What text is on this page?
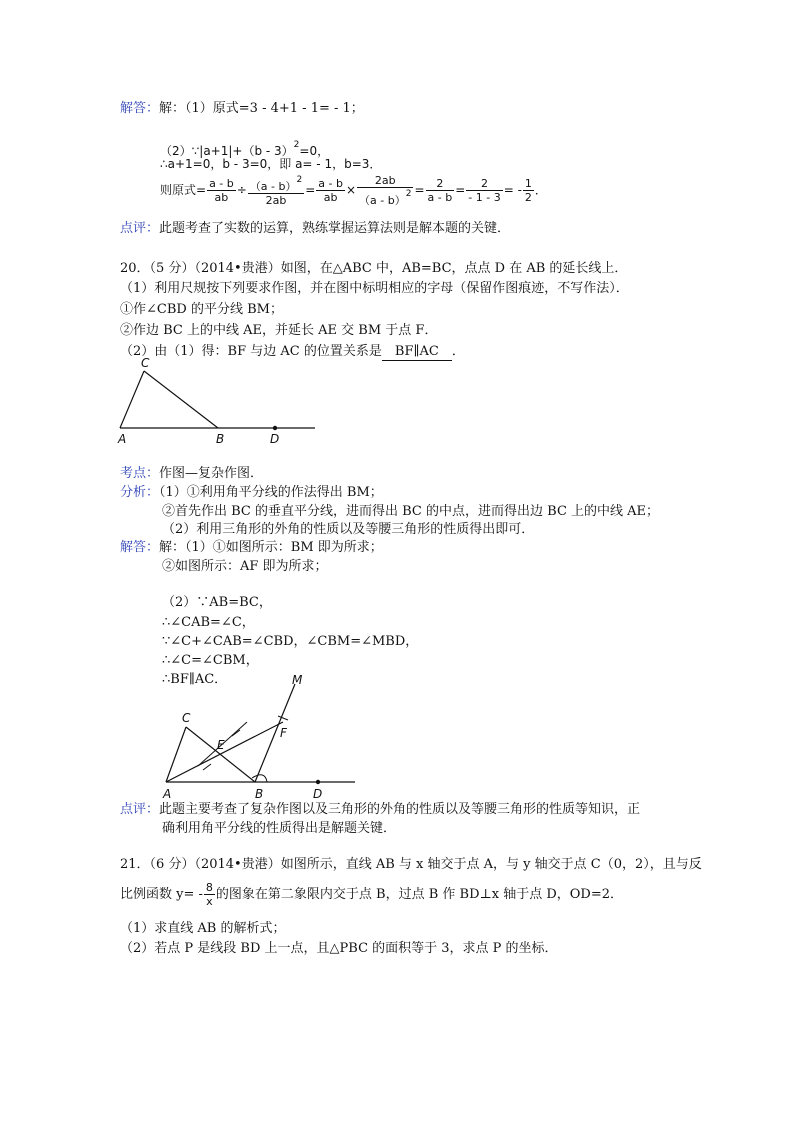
解答：解：（1）原式=3 - 4+1 - 1= - 1；
（2）∵|a+1|+（b - 3）$^2$=0，
∴a+1=0，b - 3=0，即 a= - 1，b=3．
则原式= $\frac{a - b}{ab} \div \frac{(a - b)^2}{2ab} = \frac{a - b}{ab} \times \frac{2ab}{(a - b)^2} = \frac{2}{a - b} = \frac{2}{- 1 - 3}$ = - $\frac{1}{2}$ ．
点评：此题考查了实数的运算，熟练掌握运算法则是解本题的关键．
20．（5 分）（2014•贵港）如图，在△ABC 中，AB=BC，点点 D 在 AB 的延长线上．
（1）利用尺规按下列要求作图，并在图中标明相应的字母（保留作图痕迹，不写作法）．
①作∠CBD 的平分线 BM；
②作边 BC 上的中线 AE，并延长 AE 交 BM 于点 F．
（2）由（1）得：BF 与边 AC 的位置关系是 BF∥AC ．
C
A	B	D
考点：作图—复杂作图．
分析：（1）①利用角平分线的作法得出 BM；
②首先作出 BC 的垂直平分线，进而得出 BC 的中点，进而得出边 BC 上的中线 AE；
（2）利用三角形的外角的性质以及等腰三角形的性质得出即可．
解答：解：（1）①如图所示：BM 即为所求；
②如图所示：AF 即为所求；
（2）∵AB=BC，
∴∠CAB=∠C，
∵∠C+∠CAB=∠CBD，∠CBM=∠MBD，
∴∠C=∠CBM，
∴BF∥AC．	M
C
E
F
A	B	D
点评：此题主要考查了复杂作图以及三角形的外角的性质以及等腰三角形的性质等知识，正
确利用角平分线的性质得出是解题关键．
21．（6 分）（2014•贵港）如图所示，直线 AB 与 x 轴交于点 A，与 y 轴交于点 C（0，2），且与反
比例函数 $y= - \frac{8}{x}$ 的图象在第二象限内交于点 B，过点 B 作 BD⊥x 轴于点 D，OD=2．
（1）求直线 AB 的解析式；
（2）若点 P 是线段 BD 上一点，且△PBC 的面积等于 3，求点 P 的坐标．
